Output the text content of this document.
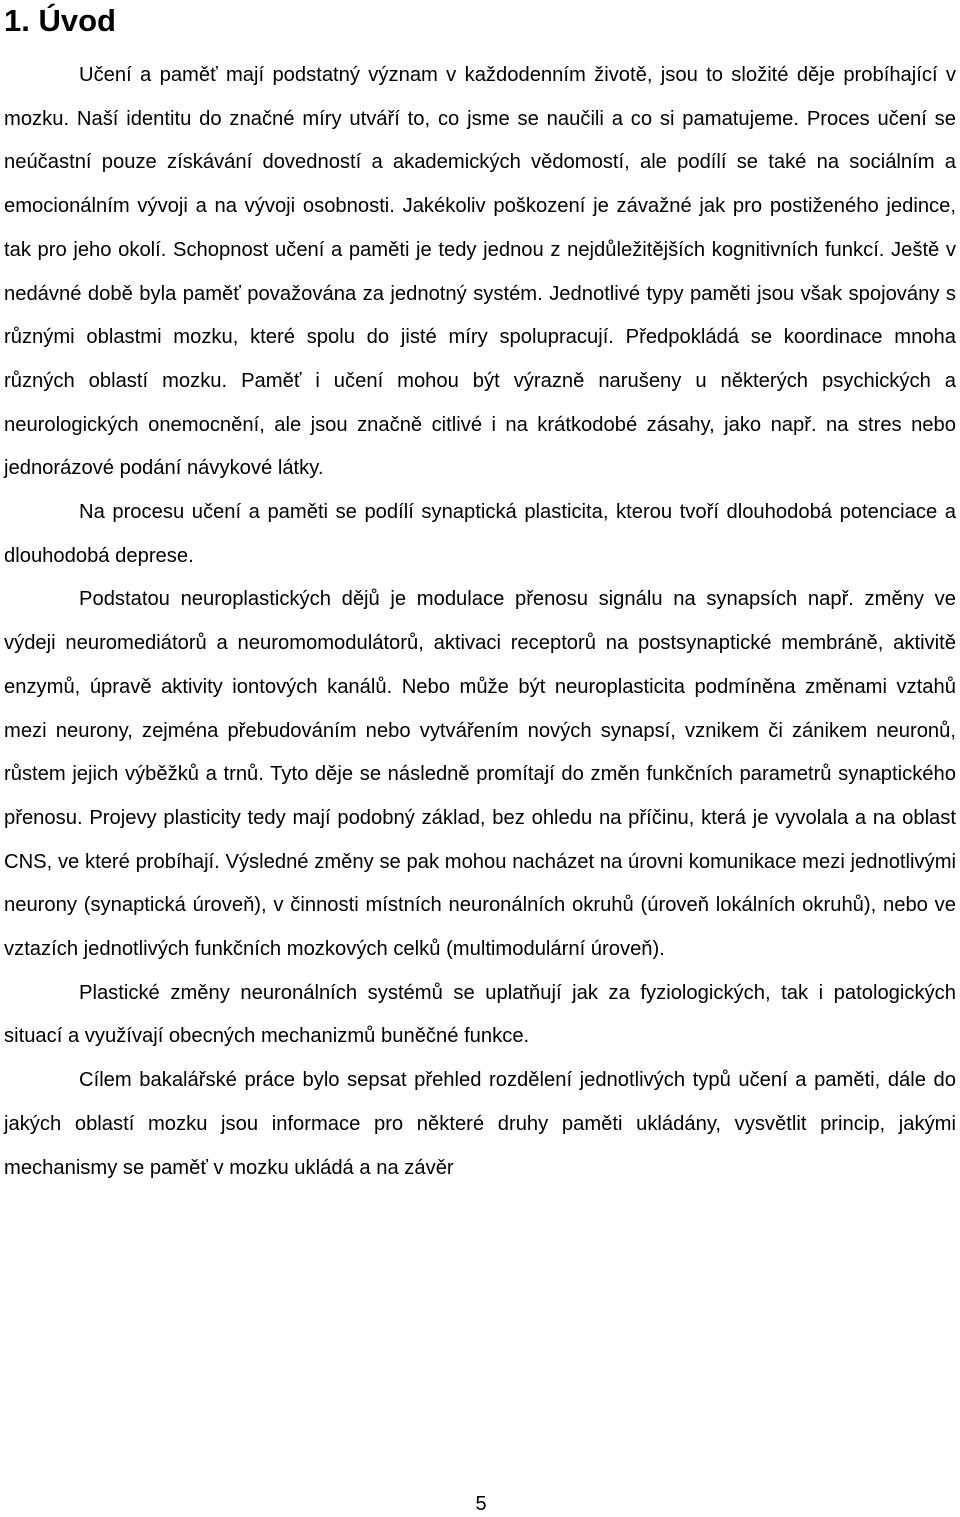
1. Úvod

Učení a paměť mají podstatný význam v každodenním životě, jsou to složité děje probíhající v mozku. Naší identitu do značné míry utváří to, co jsme se naučili a co si pamatujeme. Proces učení se neúčastní pouze získávání dovedností a akademických vědomostí, ale podílí se také na sociálním a emocionálním vývoji a na vývoji osobnosti. Jakékoliv poškození je závažné jak pro postiženého jedince, tak pro jeho okolí. Schopnost učení a paměti je tedy jednou z nejdůležitějších kognitivních funkcí. Ještě v nedávné době byla paměť považována za jednotný systém. Jednotlivé typy paměti jsou však spojovány s různými oblastmi mozku, které spolu do jisté míry spolupracují. Předpokládá se koordinace mnoha různých oblastí mozku. Paměť i učení mohou být výrazně narušeny u některých psychických a neurologických onemocnění, ale jsou značně citlivé i na krátkodobé zásahy, jako např. na stres nebo jednorázové podání návykové látky.

Na procesu učení a paměti se podílí synaptická plasticita, kterou tvoří dlouhodobá potenciace a dlouhodobá deprese.

Podstatou neuroplastických dějů je modulace přenosu signálu na synapsích např. změny ve výdeji neuromediátorů a neuromomodulátorů, aktivaci receptorů na postsynaptické membráně, aktivitě enzymů, úpravě aktivity iontových kanálů. Nebo může být neuroplasticita podmíněna změnami vztahů mezi neurony, zejména přebudováním nebo vytvářením nových synapsí, vznikem či zánikem neuronů, růstem jejich výběžků a trnů. Tyto děje se následně promítají do změn funkčních parametrů synaptického přenosu. Projevy plasticity tedy mají podobný základ, bez ohledu na příčinu, která je vyvolala a na oblast CNS, ve které probíhají. Výsledné změny se pak mohou nacházet na úrovni komunikace mezi jednotlivými neurony (synaptická úroveň), v činnosti místních neuronálních okruhů (úroveň lokálních okruhů), nebo ve vztazích jednotlivých funkčních mozkových celků (multimodulární úroveň).

Plastické změny neuronálních systémů se uplatňují jak za fyziologických, tak i patologických situací a využívají obecných mechanizmů buněčné funkce.

Cílem bakalářské práce bylo sepsat přehled rozdělení jednotlivých typů učení a paměti, dále do jakých oblastí mozku jsou informace pro některé druhy paměti ukládány, vysvětlit princip, jakými mechanismy se paměť v mozku ukládá a na závěr

5
